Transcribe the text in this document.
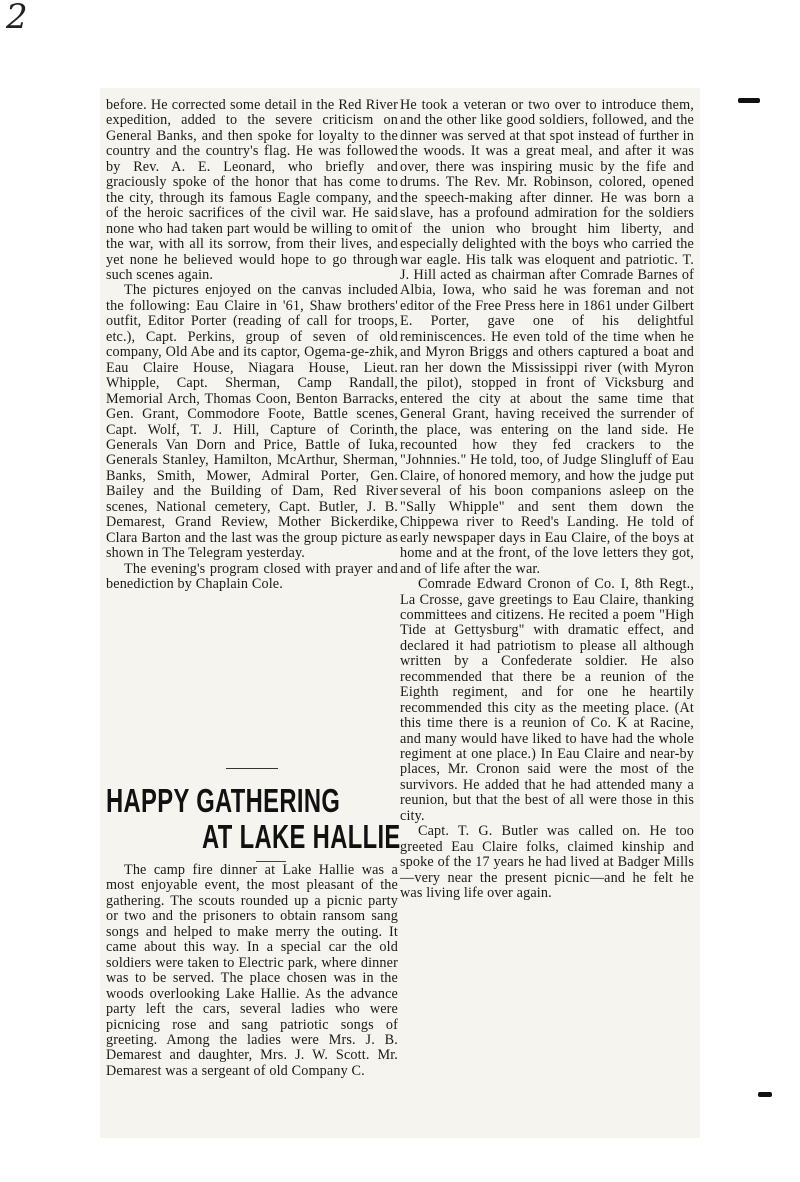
2

before. He corrected some detail in the Red River expedition, added to the severe criticism on General Banks, and then spoke for loyalty to the country and the country's flag. He was followed by Rev. A. E. Leonard, who briefly and graciously spoke of the honor that has come to the city, through its famous Eagle company, and of the heroic sacrifices of the civil war. He said none who had taken part would be willing to omit the war, with all its sorrow, from their lives, and yet none he believed would hope to go through such scenes again.

The pictures enjoyed on the canvas included the following: Eau Claire in '61, Shaw brothers' outfit, Editor Porter (reading of call for troops, etc.), Capt. Perkins, group of seven of old company, Old Abe and its captor, Ogema-ge-zhik, Eau Claire House, Niagara House, Lieut. Whipple, Capt. Sherman, Camp Randall, Memorial Arch, Thomas Coon, Benton Barracks, Gen. Grant, Commodore Foote, Battle scenes, Capt. Wolf, T. J. Hill, Capture of Corinth, Generals Van Dorn and Price, Battle of Iuka, Generals Stanley, Hamilton, McArthur, Sherman, Banks, Smith, Mower, Admiral Porter, Gen. Bailey and the Building of Dam, Red River scenes, National cemetery, Capt. Butler, J. B. Demarest, Grand Review, Mother Bickerdike, Clara Barton and the last was the group picture as shown in The Telegram yesterday.

The evening's program closed with prayer and benediction by Chaplain Cole.

HAPPY GATHERING
AT LAKE HALLIE

The camp fire dinner at Lake Hallie was a most enjoyable event, the most pleasant of the gathering. The scouts rounded up a picnic party or two and the prisoners to obtain ransom sang songs and helped to make merry the outing. It came about this way. In a special car the old soldiers were taken to Electric park, where dinner was to be served. The place chosen was in the woods overlooking Lake Hallie. As the advance party left the cars, several ladies who were picnicing rose and sang patriotic songs of greeting. Among the ladies were Mrs. J. B. Demarest and daughter, Mrs. J. W. Scott. Mr. Demarest was a sergeant of old Company C.

He took a veteran or two over to introduce them, and the other like good soldiers, followed, and the dinner was served at that spot instead of further in the woods. It was a great meal, and after it was over, there was inspiring music by the fife and drums. The Rev. Mr. Robinson, colored, opened the speech-making after dinner. He was born a slave, has a profound admiration for the soldiers of the union who brought him liberty, and especially delighted with the boys who carried the war eagle. His talk was eloquent and patriotic. T. J. Hill acted as chairman after Comrade Barnes of Albia, Iowa, who said he was foreman and not editor of the Free Press here in 1861 under Gilbert E. Porter, gave one of his delightful reminiscences. He even told of the time when he and Myron Briggs and others captured a boat and ran her down the Mississippi river (with Myron the pilot), stopped in front of Vicksburg and entered the city at about the same time that General Grant, having received the surrender of the place, was entering on the land side. He recounted how they fed crackers to the "Johnnies." He told, too, of Judge Slingluff of Eau Claire, of honored memory, and how the judge put several of his boon companions asleep on the "Sally Whipple" and sent them down the Chippewa river to Reed's Landing. He told of early newspaper days in Eau Claire, of the boys at home and at the front, of the love letters they got, and of life after the war.

Comrade Edward Cronon of Co. I, 8th Regt., La Crosse, gave greetings to Eau Claire, thanking committees and citizens. He recited a poem "High Tide at Gettysburg" with dramatic effect, and declared it had patriotism to please all although written by a Confederate soldier. He also recommended that there be a reunion of the Eighth regiment, and for one he heartily recommended this city as the meeting place. (At this time there is a reunion of Co. K at Racine, and many would have liked to have had the whole regiment at one place.) In Eau Claire and near-by places, Mr. Cronon said were the most of the survivors. He added that he had attended many a reunion, but that the best of all were those in this city.

Capt. T. G. Butler was called on. He too greeted Eau Claire folks, claimed kinship and spoke of the 17 years he had lived at Badger Mills—very near the present picnic—and he felt he was living life over again.
